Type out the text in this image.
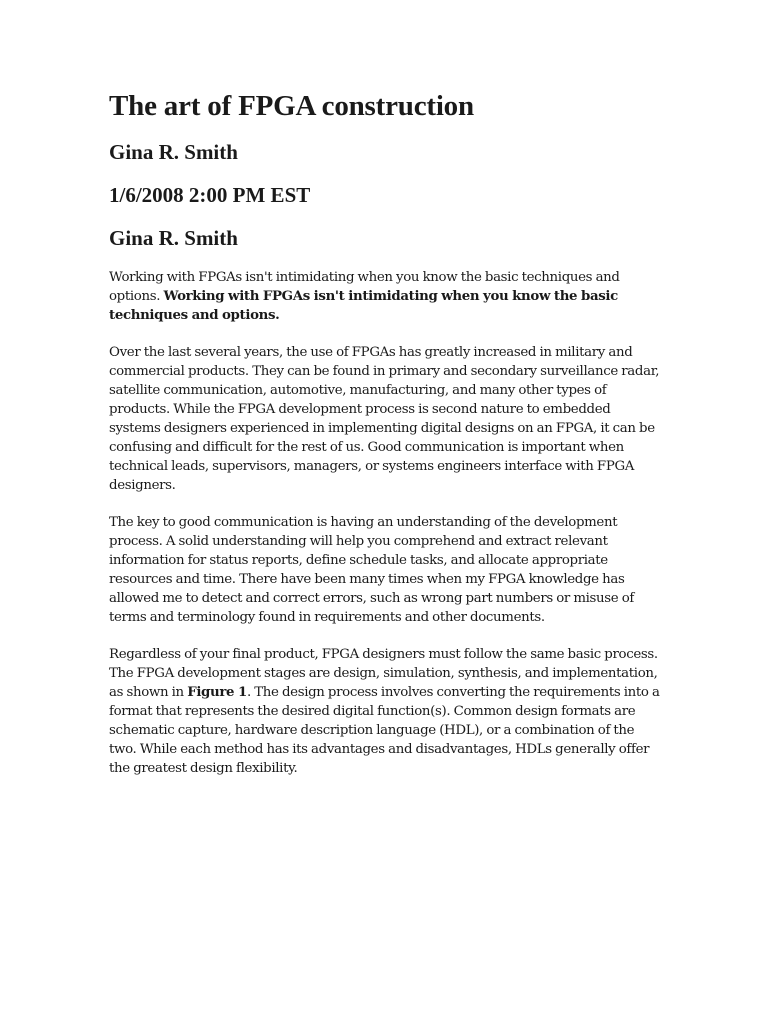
The art of FPGA construction
Gina R. Smith
1/6/2008 2:00 PM EST
Gina R. Smith

Working with FPGAs isn't intimidating when you know the basic techniques and options. Working with FPGAs isn't intimidating when you know the basic techniques and options.

Over the last several years, the use of FPGAs has greatly increased in military and commercial products. They can be found in primary and secondary surveillance radar, satellite communication, automotive, manufacturing, and many other types of products. While the FPGA development process is second nature to embedded systems designers experienced in implementing digital designs on an FPGA, it can be confusing and difficult for the rest of us. Good communication is important when technical leads, supervisors, managers, or systems engineers interface with FPGA designers.

The key to good communication is having an understanding of the development process. A solid understanding will help you comprehend and extract relevant information for status reports, define schedule tasks, and allocate appropriate resources and time. There have been many times when my FPGA knowledge has allowed me to detect and correct errors, such as wrong part numbers or misuse of terms and terminology found in requirements and other documents.

Regardless of your final product, FPGA designers must follow the same basic process. The FPGA development stages are design, simulation, synthesis, and implementation, as shown in Figure 1. The design process involves converting the requirements into a format that represents the desired digital function(s). Common design formats are schematic capture, hardware description language (HDL), or a combination of the two. While each method has its advantages and disadvantages, HDLs generally offer the greatest design flexibility.
